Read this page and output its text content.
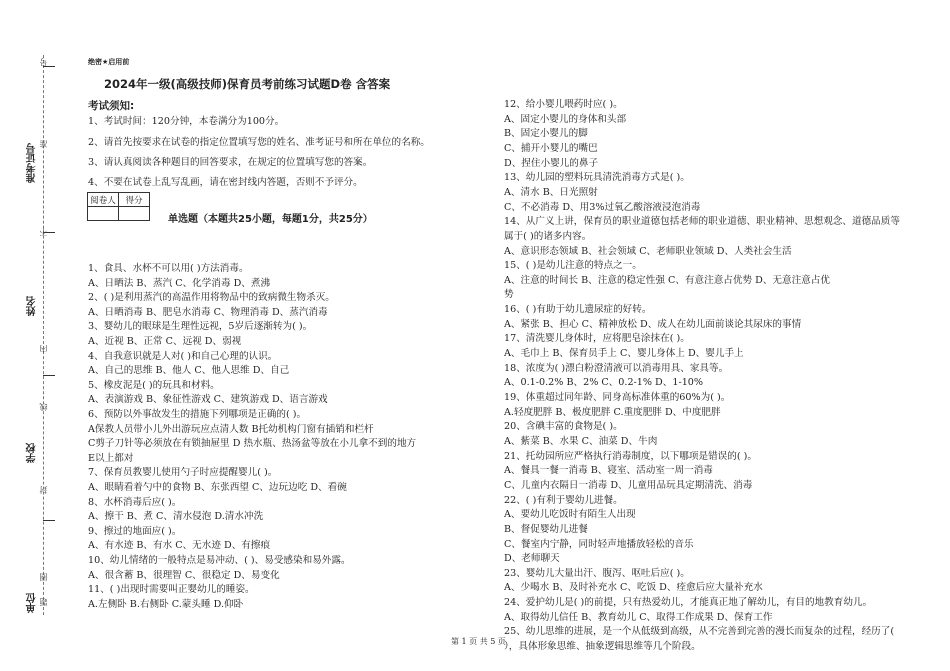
号
准
准考证号
不
姓名
内
线
学校
封
圈
单位 题
绝密★启用前
2024年一级(高级技师)保育员考前练习试题D卷 含答案
考试须知:
1、考试时间：120分钟，本卷满分为100分。
2、请首先按要求在试卷的指定位置填写您的姓名、准考证号和所在单位的名称。
3、请认真阅读各种题目的回答要求，在规定的位置填写您的答案。
4、不要在试卷上乱写乱画，请在密封线内答题，否则不予评分。
阅卷人	得分

单选题（本题共25小题，每题1分，共25分）
1、食具、水杯不可以用( )方法消毒。
A、日晒法 B、蒸汽 C、化学消毒 D、煮沸
2、( )是利用蒸汽的高温作用将物品中的致病微生物杀灭。
A、日晒消毒 B、肥皂水消毒 C、物理消毒 D、蒸汽消毒
3、婴幼儿的眼球是生理性远视，5岁后逐渐转为( )。
A、近视 B、正常 C、远视 D、弱视
4、自我意识就是人对( )和自己心理的认识。
A、自己的思维 B、他人 C、他人思维 D、自己
5、橡皮泥是( )的玩具和材料。
A、表演游戏 B、象征性游戏 C、建筑游戏 D、语言游戏
6、预防以外事故发生的措施下列哪项是正确的( )。
A保教人员带小儿外出游玩应点清人数 B托幼机构门窗有插销和栏杆
C剪子刀针等必须放在有锁抽屉里 D 热水瓶、热汤盆等放在小儿拿不到的地方
E以上都对
7、保育员教婴儿使用勺子时应提醒婴儿( )。
A、眼睛看着勺中的食物 B、东张西望 C、边玩边吃 D、看碗
8、水杯消毒后应( )。
A、擦干 B、煮 C、清水侵泡 D.清水冲洗
9、擦过的地面应( )。
A、有水迹 B、有水 C、无水迹 D、有擦痕
10、幼儿情绪的一般特点是易冲动、( )、易受感染和易外露。
A、很含蓄 B、很理智 C、很稳定 D、易变化
11、( )出现时需要叫正婴幼儿的睡姿。
A.左侧卧 B.右侧卧 C.蒙头睡 D.仰卧
12、给小婴儿喂药时应( )。
A、固定小婴儿的身体和头部
B、固定小婴儿的脚
C、捕开小婴儿的嘴巴
D、捏住小婴儿的鼻子
13、幼儿园的塑料玩具清洗消毒方式是( )。
A、清水 B、日光照射
C、不必消毒 D、用3%过氧乙酸溶液浸泡消毒
14、从广义上讲，保育员的职业道德包括老师的职业道德、职业精神、思想观念、道德品质等
属于( )的诸多内容。
A、意识形态领域 B、社会领域 C、老师职业领域 D、人类社会生活
15、( )是幼儿注意的特点之一。
A、注意的时间长 B、注意的稳定性强 C、有意注意占优势 D、无意注意占优
势
16、( )有助于幼儿遗尿症的好转。
A、紧张 B、担心 C、精神放松 D、成人在幼儿面前谈论其尿床的事情
17、清洗婴儿身体时，应将肥皂涂抹在( )。
A、毛巾上 B、保育员手上 C、婴儿身体上 D、婴儿手上
18、浓度为( )漂白粉澄清液可以消毒用具、家具等。
A、0.1-0.2% B、2% C、0.2-1% D、1-10%
19、体重超过同年龄、同身高标准体重的60%为( )。
A.轻度肥胖 B、极度肥胖 C.重度肥胖 D、中度肥胖
20、含碘丰富的食物是( )。
A、紫菜 B、水果 C、油菜 D、牛肉
21、托幼园所应严格执行消毒制度，以下哪项是错误的( )。
A、餐具一餐一消毒 B、寝室、活动室一周一消毒
C、儿童内衣隔日一消毒 D、儿童用品玩具定期清洗、消毒
22、( )有利于婴幼儿进餐。
A、要幼儿吃饭时有陌生人出现
B、督促婴幼儿进餐
C、餐室内宁静，同时轻声地播放轻松的音乐
D、老师聊天
23、婴幼儿大量出汗、腹泻、呕吐后应( )。
A、少喝水 B、及时补充水 C、吃饭 D、痊愈后应大量补充水
24、爱护幼儿是( )的前提，只有热爱幼儿，才能真正地了解幼儿，有目的地教育幼儿。
A、取得幼儿信任 B、教育幼儿 C、取得工作成果 D、保育工作
25、幼儿思维的进展，是一个从低级到高级，从不完善到完善的漫长而复杂的过程，经历了(
），具体形象思维、抽象逻辑思维等几个阶段。
第 1 页 共 5 页
